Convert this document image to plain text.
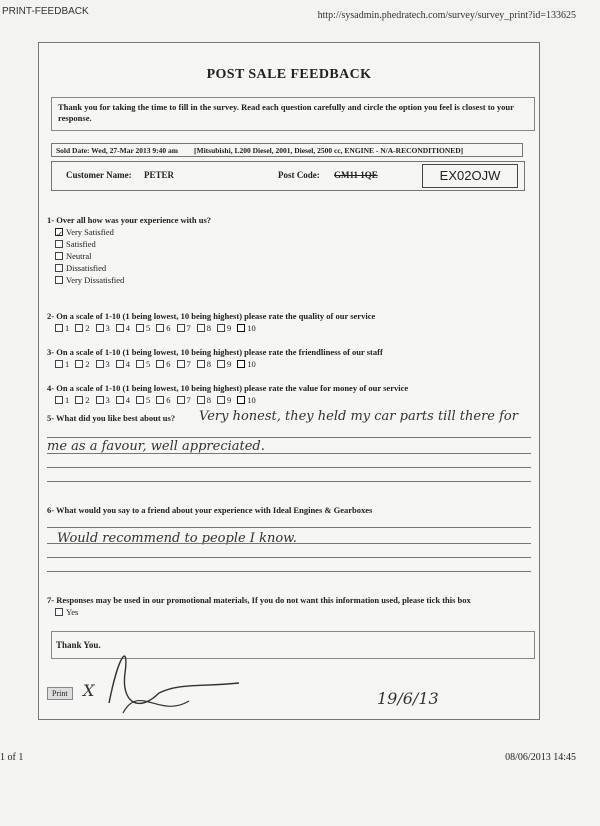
PRINT-FEEDBACK	http://sysadmin.phedratech.com/survey/survey_print?id=133625
POST SALE FEEDBACK
Thank you for taking the time to fill in the survey. Read each question carefully and circle the option you feel is closest to your response.
Sold Date: Wed, 27-Mar 2013 9:40 am [Mitsubishi, L200 Diesel, 2001, Diesel, 2500 cc, ENGINE - N/A-RECONDITIONED]
Customer Name: PETER	Post Code: GM11 1QE	EX02OJW
1- Over all how was your experience with us?
✓ Very Satisfied
Satisfied
Neutral
Dissatisfied
Very Dissatisfied
2- On a scale of 1-10 (1 being lowest, 10 being highest) please rate the quality of our service
1 2 3 4 5 6 7 8 9 10
3- On a scale of 1-10 (1 being lowest, 10 being highest) please rate the friendliness of our staff
1 2 3 4 5 6 7 8 9 10
4- On a scale of 1-10 (1 being lowest, 10 being highest) please rate the value for money of our service
1 2 3 4 5 6 7 8 9 10
5- What did you like best about us? Very honest, they held my car parts till there for
me as a favour, well appreciated.
6- What would you say to a friend about your experience with Ideal Engines & Gearboxes
Would recommend to people I know.
7- Responses may be used in our promotional materials, If you do not want this information used, please tick this box
Yes
Thank You.
Print X	19/6/13
1 of 1	08/06/2013 14:45
